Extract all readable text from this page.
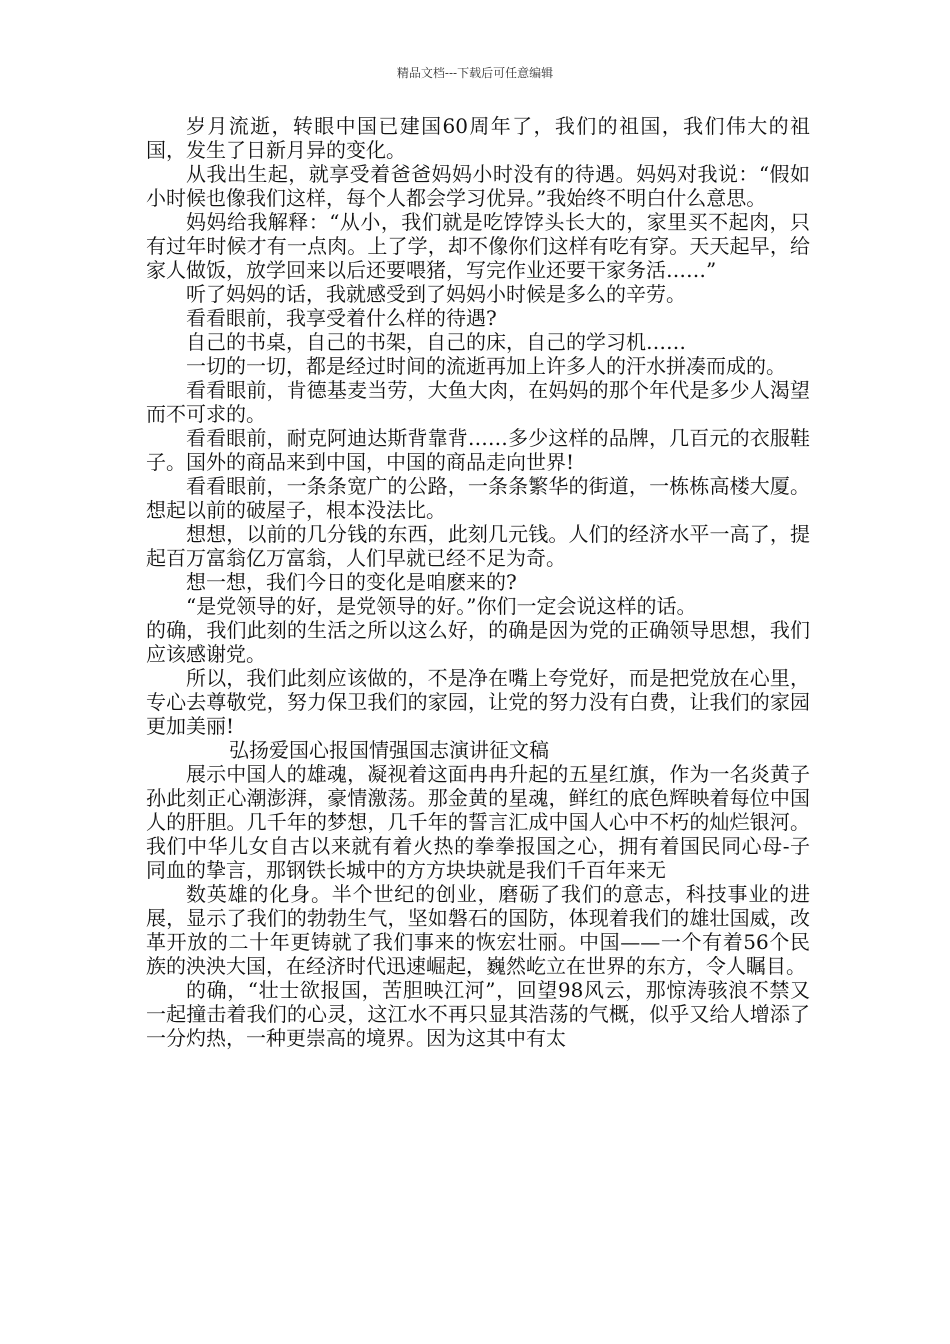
精品文档---下载后可任意编辑

岁月流逝，转眼中国已建国60周年了，我们的祖国，我们伟大的祖国，发生了日新月异的变化。

从我出生起，就享受着爸爸妈妈小时没有的待遇。妈妈对我说：“假如小时候也像我们这样，每个人都会学习优异。”我始终不明白什么意思。

妈妈给我解释：“从小，我们就是吃饽饽头长大的，家里买不起肉，只有过年时候才有一点肉。上了学，却不像你们这样有吃有穿。天天起早，给家人做饭，放学回来以后还要喂猪，写完作业还要干家务活……”

听了妈妈的话，我就感受到了妈妈小时候是多么的辛劳。

看看眼前，我享受着什么样的待遇?

自己的书桌，自己的书架，自己的床，自己的学习机……

一切的一切，都是经过时间的流逝再加上许多人的汗水拼凑而成的。

看看眼前，肯德基麦当劳，大鱼大肉，在妈妈的那个年代是多少人渴望而不可求的。

看看眼前，耐克阿迪达斯背靠背……多少这样的品牌，几百元的衣服鞋子。国外的商品来到中国，中国的商品走向世界!

看看眼前，一条条宽广的公路，一条条繁华的街道，一栋栋高楼大厦。想起以前的破屋子，根本没法比。

想想，以前的几分钱的东西，此刻几元钱。人们的经济水平一高了，提起百万富翁亿万富翁，人们早就已经不足为奇。

想一想，我们今日的变化是咱麽来的?

“是党领导的好，是党领导的好。”你们一定会说这样的话。

的确，我们此刻的生活之所以这么好，的确是因为党的正确领导思想，我们应该感谢党。

所以，我们此刻应该做的，不是净在嘴上夸党好，而是把党放在心里，专心去尊敬党，努力保卫我们的家园，让党的努力没有白费，让我们的家园更加美丽!

弘扬爱国心报国情强国志演讲征文稿

展示中国人的雄魂，凝视着这面冉冉升起的五星红旗，作为一名炎黄子孙此刻正心潮澎湃，豪情激荡。那金黄的星魂，鲜红的底色辉映着每位中国人的肝胆。几千年的梦想，几千年的誓言汇成中国人心中不朽的灿烂银河。我们中华儿女自古以来就有着火热的拳拳报国之心，拥有着国民同心母-子同血的挚言，那钢铁长城中的方方块块就是我们千百年来无

数英雄的化身。半个世纪的创业，磨砺了我们的意志，科技事业的进展，显示了我们的勃勃生气，坚如磐石的国防，体现着我们的雄壮国威，改革开放的二十年更铸就了我们事来的恢宏壮丽。中国——一个有着56个民族的泱泱大国，在经济时代迅速崛起，巍然屹立在世界的东方，令人瞩目。

的确，“壮士欲报国，苦胆映江河”，回望98风云，那惊涛骇浪不禁又一起撞击着我们的心灵，这江水不再只显其浩荡的气概，似乎又给人增添了一分灼热，一种更崇高的境界。因为这其中有太
